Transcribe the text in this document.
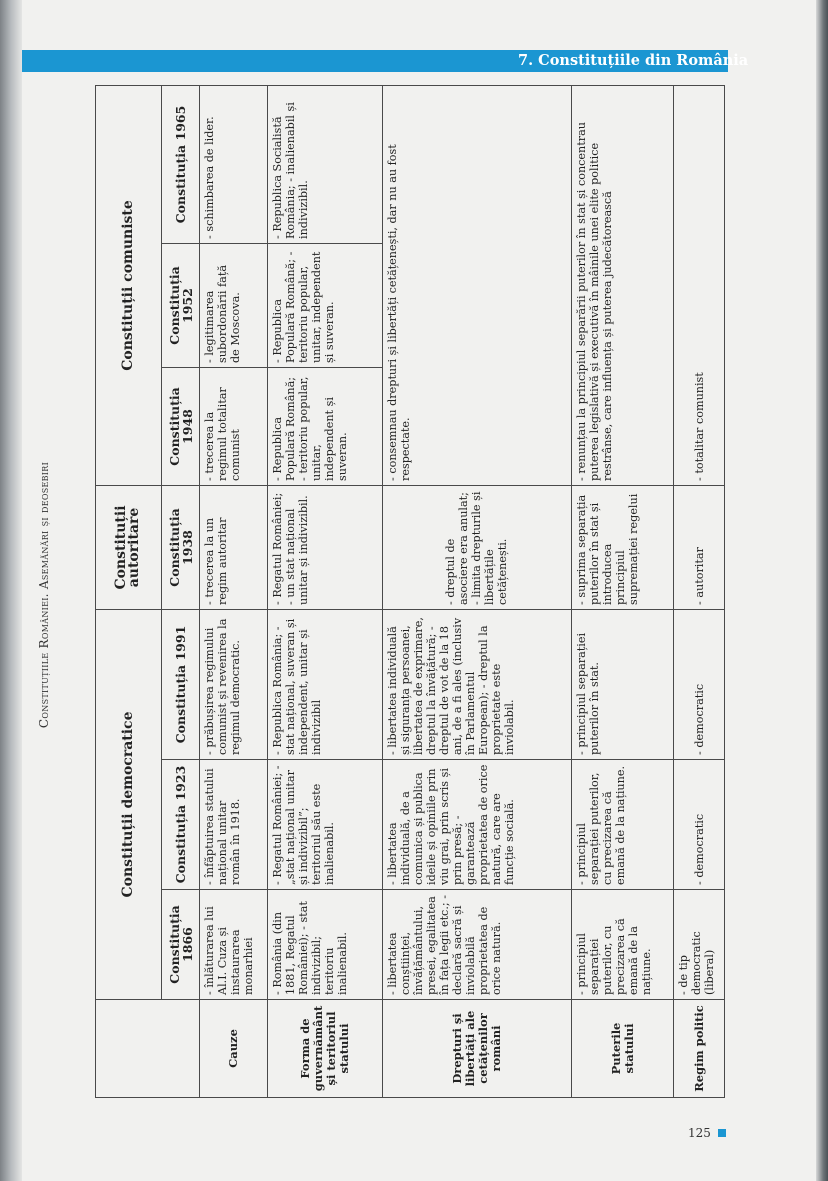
7. Constituțiile din România
Constituțiile României. Asemănări și deosebiri
	Constituții democratice			Constituții autoritare	Constituții comuniste		
	Constituția 1866	Constituția 1923	Constituția 1991	Constituția 1938	Constituția 1948	Constituția 1952	Constituția 1965
Cauze	- înlăturarea lui Al.I. Cuza și instaurarea monarhiei	- înfăptuirea statului național unitar român în 1918.	- prăbușirea regimului comunist și revenirea la regimul democratic.	- trecerea la un regim autoritar	- trecerea la regimul totalitar comunist	- legitimarea subordonării față de Moscova.	- schimbarea de lider.
Forma de guvernământ și teritoriul statului	- România (din 1881, Regatul României); - stat indivizibil; teritoriu inalienabil.	- Regatul României; - „stat național unitar și indivizibil”; teritoriul său este inalienabil.	- Republica România; - stat național, suveran și independent, unitar și indivizibil	- Regatul României; - un stat național unitar și indivizibil.	- Republica Populară Română; - teritoriu popular, unitar, independent și suveran.	- Republica Populară Română; - teritoriu popular, unitar, independent și suveran.	- Republica Socialistă România; - inalienabil și indivizibil.
Drepturi și libertăți ale cetățenilor români	- libertatea conștiinței, învățământului, presei, egalitatea în fața legii etc.; - declară sacră și inviolabilă proprietatea de orice natură.	- libertatea individuală, de a comunica și publica ideile și opiniile prin viu grai, prin scris și prin presă; - garantează proprietatea de orice natură, care are funcție socială.	- libertatea individuală și siguranța persoanei, libertatea de exprimare, dreptul la învățătură; - dreptul de vot de la 18 ani, de a fi ales (inclusiv în Parlamentul European); - dreptul la proprietate este inviolabil.	- dreptul de asociere era anulat; - limita drepturile și libertățile cetățenești.	- consemnau drepturi și libertăți cetățenești, dar nu au fost respectate.		
Puterile statului	- principiul separației puterilor, cu precizarea că emană de la națiune.	- principiul separației puterilor, cu precizarea că emană de la națiune.	- principiul separației puterilor în stat.	- suprima separația puterilor în stat și introducea principiul supremației regelui	- renunțau la principiul separării puterilor în stat și concentrau puterea legislativă și executivă în mâinile unei elite politice restrânse, care influența și puterea judecătorească		
Regim politic	- de tip democratic (liberal)	- democratic	- democratic	- autoritar	- totalitar comunist		
125
